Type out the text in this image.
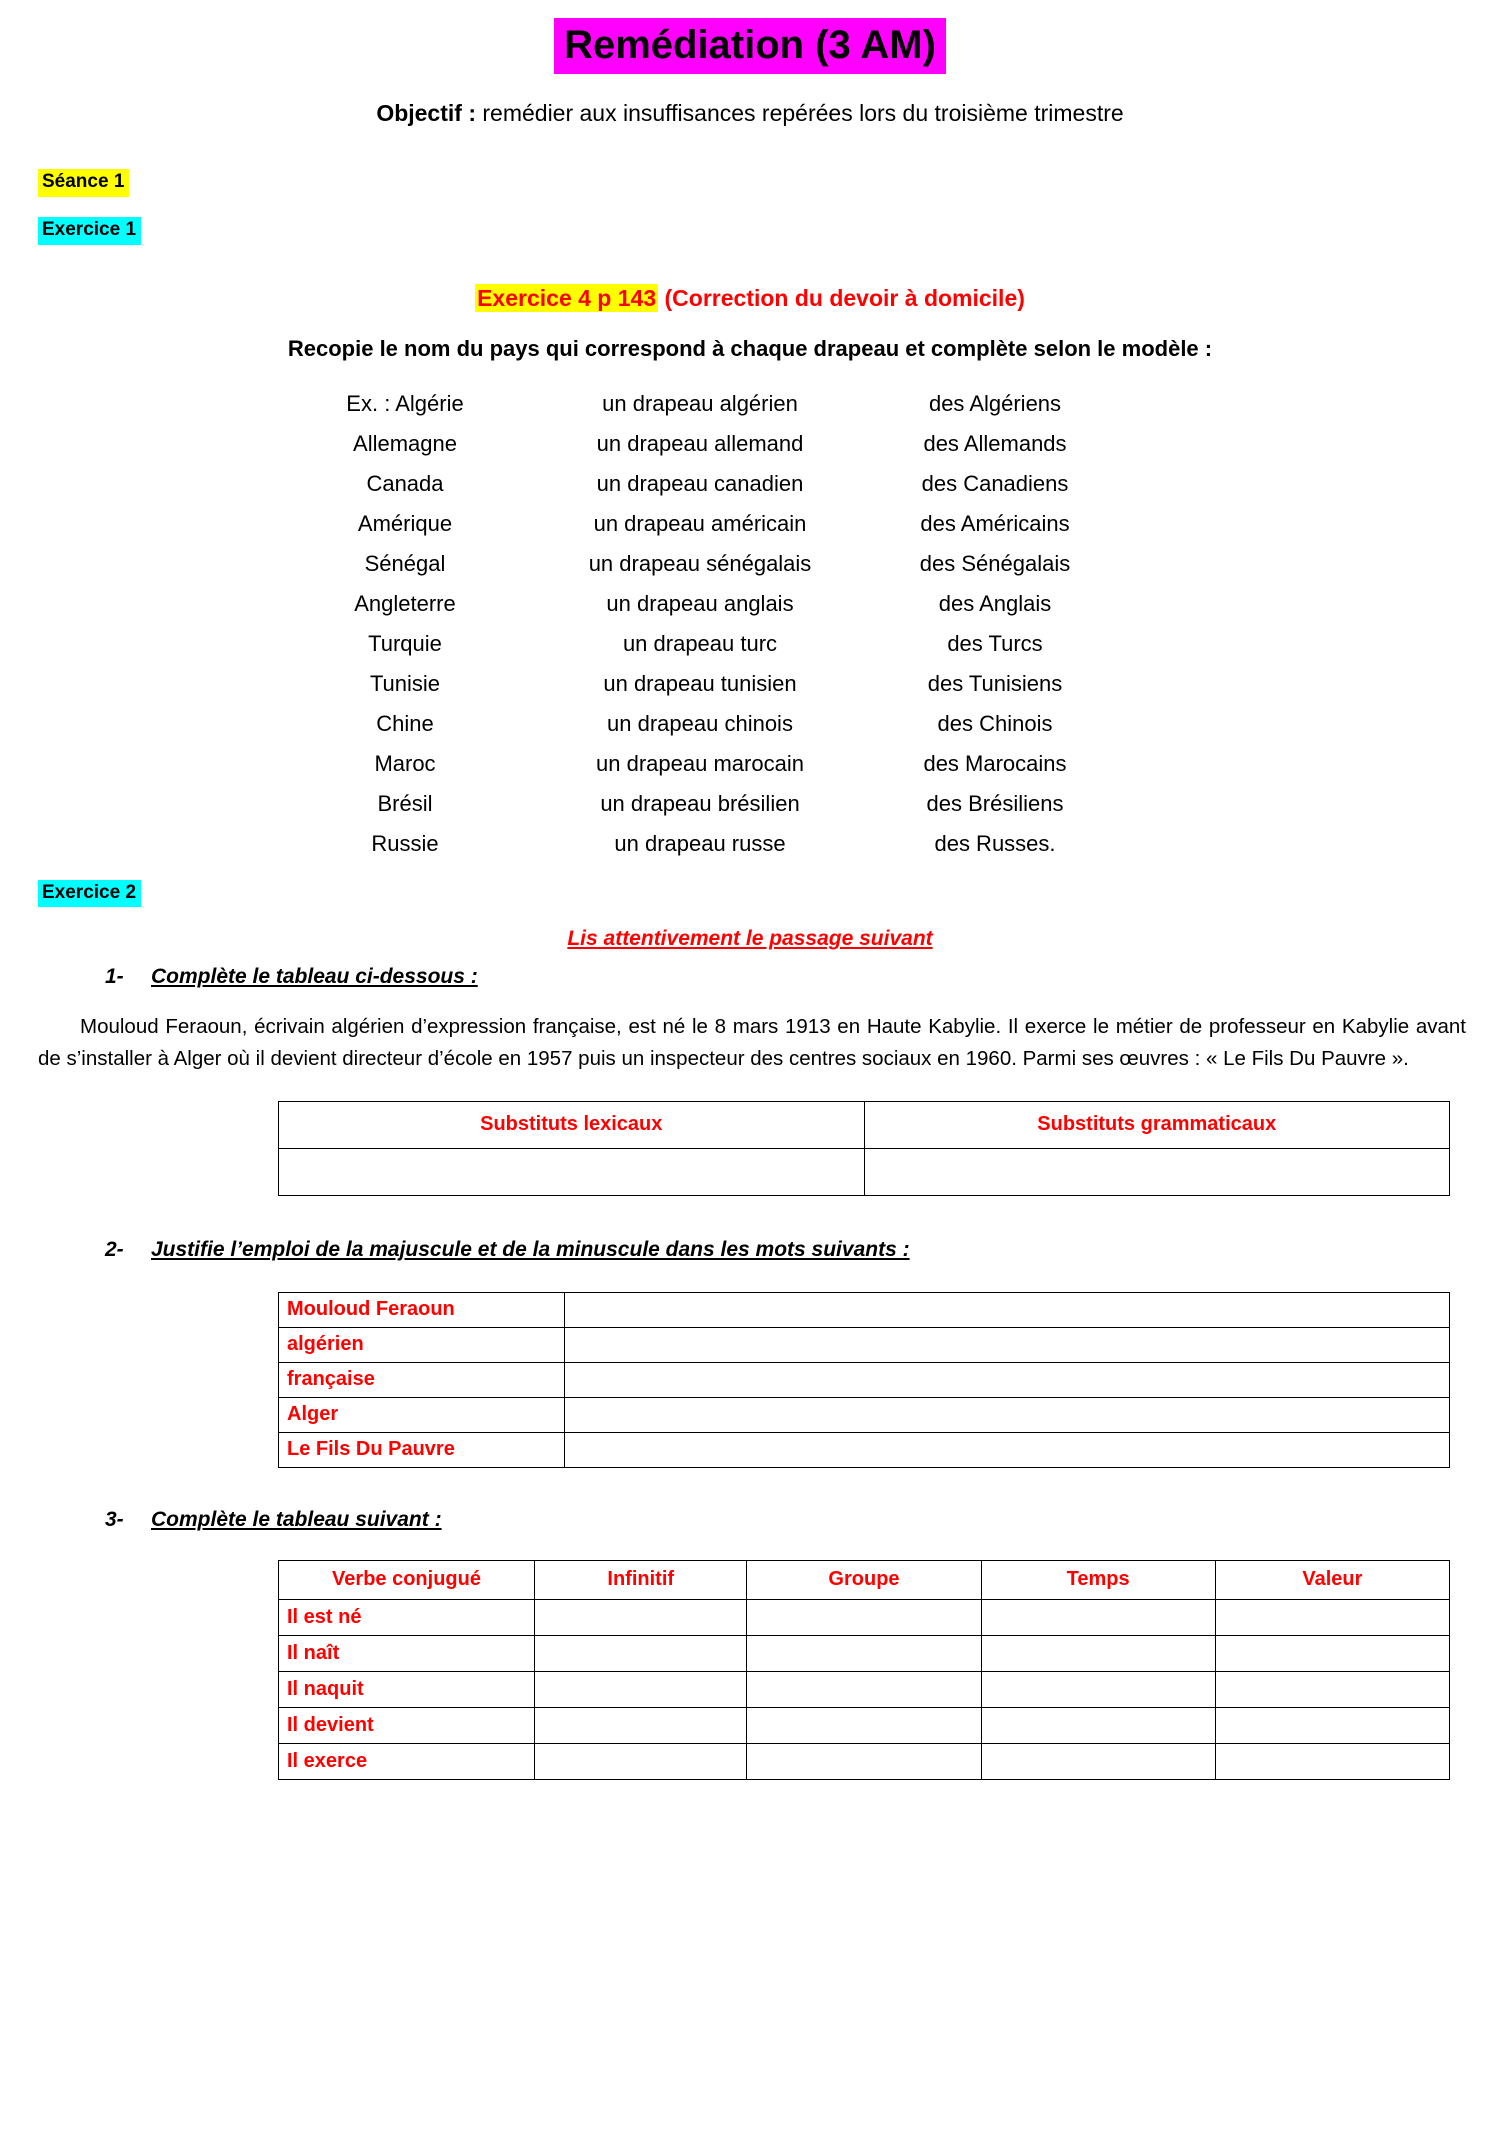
Remédiation (3 AM)
Objectif : remédier aux insuffisances repérées lors du troisième trimestre
Séance 1
Exercice 1
Exercice 4 p 143 (Correction du devoir à domicile)
Recopie le nom du pays qui correspond à chaque drapeau et complète selon le modèle :
Ex. : Algérie	un drapeau algérien	des Algériens
Allemagne	un drapeau allemand	des Allemands
Canada	un drapeau canadien	des Canadiens
Amérique	un drapeau américain	des Américains
Sénégal	un drapeau sénégalais	des Sénégalais
Angleterre	un drapeau anglais	des Anglais
Turquie	un drapeau turc	des Turcs
Tunisie	un drapeau tunisien	des Tunisiens
Chine	un drapeau chinois	des Chinois
Maroc	un drapeau marocain	des Marocains
Brésil	un drapeau brésilien	des Brésiliens
Russie	un drapeau russe	des Russes.
Exercice 2
Lis attentivement le passage suivant
1- Complète le tableau ci-dessous :
Mouloud Feraoun, écrivain algérien d’expression française, est né le 8 mars 1913 en Haute Kabylie. Il exerce le métier de professeur en Kabylie avant de s’installer à Alger où il devient directeur d’école en 1957 puis un inspecteur des centres sociaux en 1960. Parmi ses œuvres : « Le Fils Du Pauvre ».
Substituts lexicaux	Substituts grammaticaux

2- Justifie l’emploi de la majuscule et de la minuscule dans les mots suivants :
Mouloud Feraoun	
algérien	
française	
Alger	
Le Fils Du Pauvre	
3- Complète le tableau suivant :
Verbe conjugué	Infinitif	Groupe	Temps	Valeur
Il est né				
Il naît				
Il naquit				
Il devient				
Il exerce				
